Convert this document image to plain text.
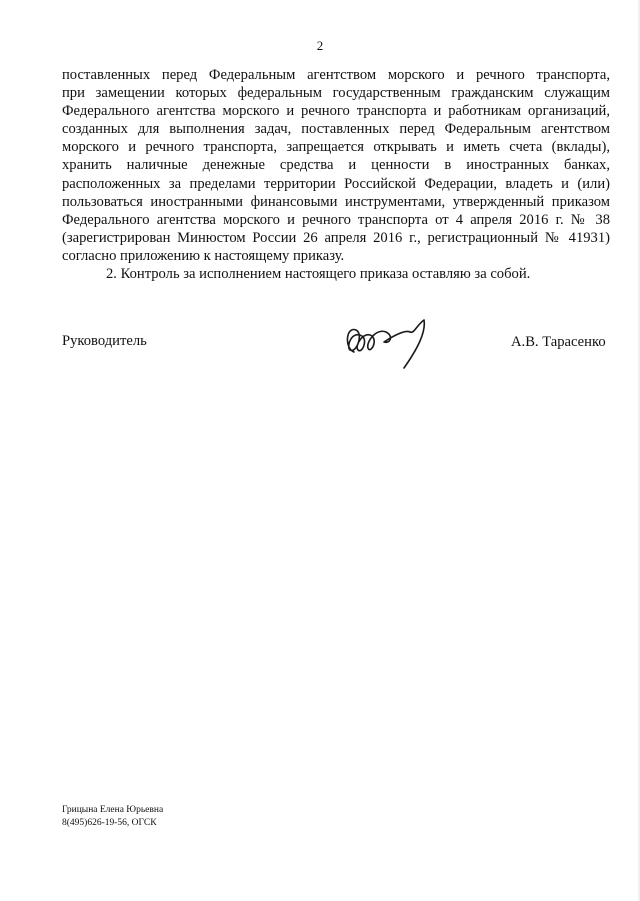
2
поставленных перед Федеральным агентством морского и речного транспорта,
при замещении которых федеральным государственным гражданским служащим
Федерального агентства морского и речного транспорта и работникам организаций,
созданных для выполнения задач, поставленных перед Федеральным агентством
морского и речного транспорта, запрещается открывать и иметь счета (вклады),
хранить наличные денежные средства и ценности в иностранных банках,
расположенных за пределами территории Российской Федерации, владеть и (или)
пользоваться иностранными финансовыми инструментами, утвержденный приказом
Федерального агентства морского и речного транспорта от 4 апреля 2016 г. № 38
(зарегистрирован Минюстом России 26 апреля 2016 г., регистрационный № 41931)
согласно приложению к настоящему приказу.
2. Контроль за исполнением настоящего приказа оставляю за собой.
Руководитель	А.В. Тарасенко
Грицына Елена Юрьевна
8(495)626-19-56, ОГСК
